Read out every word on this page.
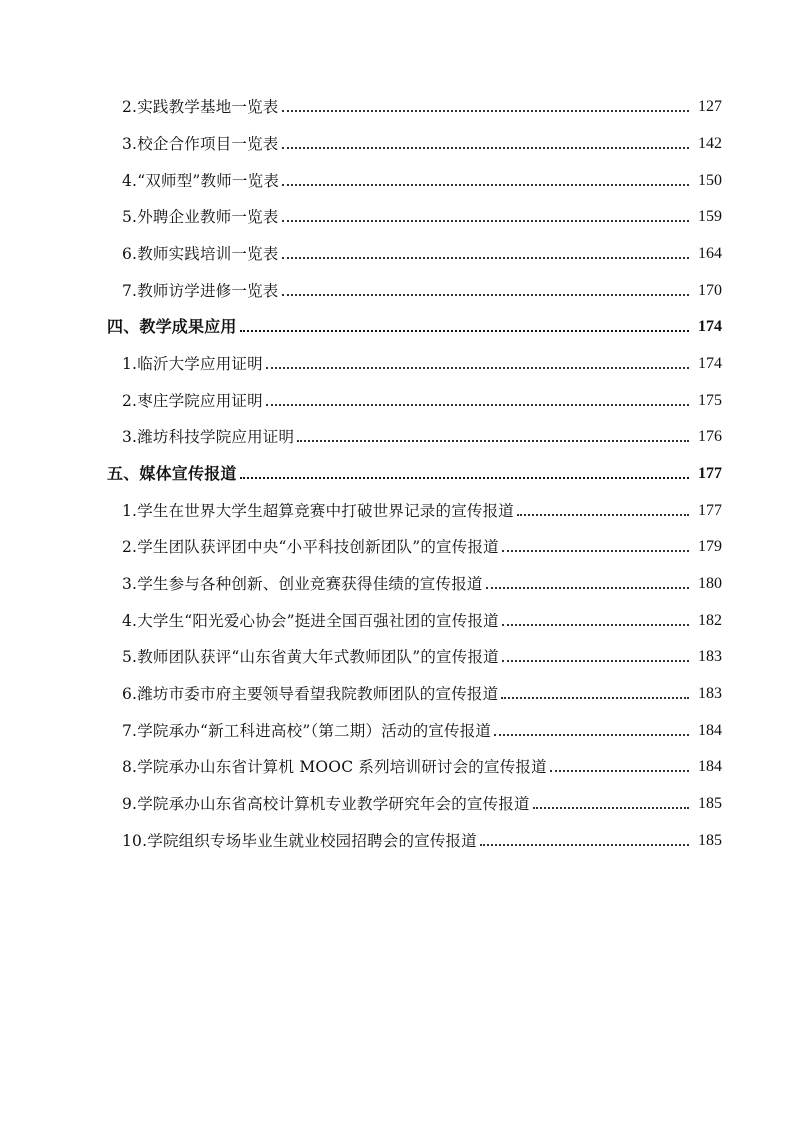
2.实践教学基地一览表	127
3.校企合作项目一览表	142
4.“双师型”教师一览表	150
5.外聘企业教师一览表	159
6.教师实践培训一览表	164
7.教师访学进修一览表	170
四、教学成果应用	174
1.临沂大学应用证明	174
2.枣庄学院应用证明	175
3.潍坊科技学院应用证明	176
五、媒体宣传报道	177
1.学生在世界大学生超算竞赛中打破世界记录的宣传报道	177
2.学生团队获评团中央“小平科技创新团队”的宣传报道	179
3.学生参与各种创新、创业竞赛获得佳绩的宣传报道	180
4.大学生“阳光爱心协会”挺进全国百强社团的宣传报道	182
5.教师团队获评“山东省黄大年式教师团队”的宣传报道	183
6.潍坊市委市府主要领导看望我院教师团队的宣传报道	183
7.学院承办“新工科进高校”（第二期）活动的宣传报道	184
8.学院承办山东省计算机 MOOC 系列培训研讨会的宣传报道	184
9.学院承办山东省高校计算机专业教学研究年会的宣传报道	185
10.学院组织专场毕业生就业校园招聘会的宣传报道	185
